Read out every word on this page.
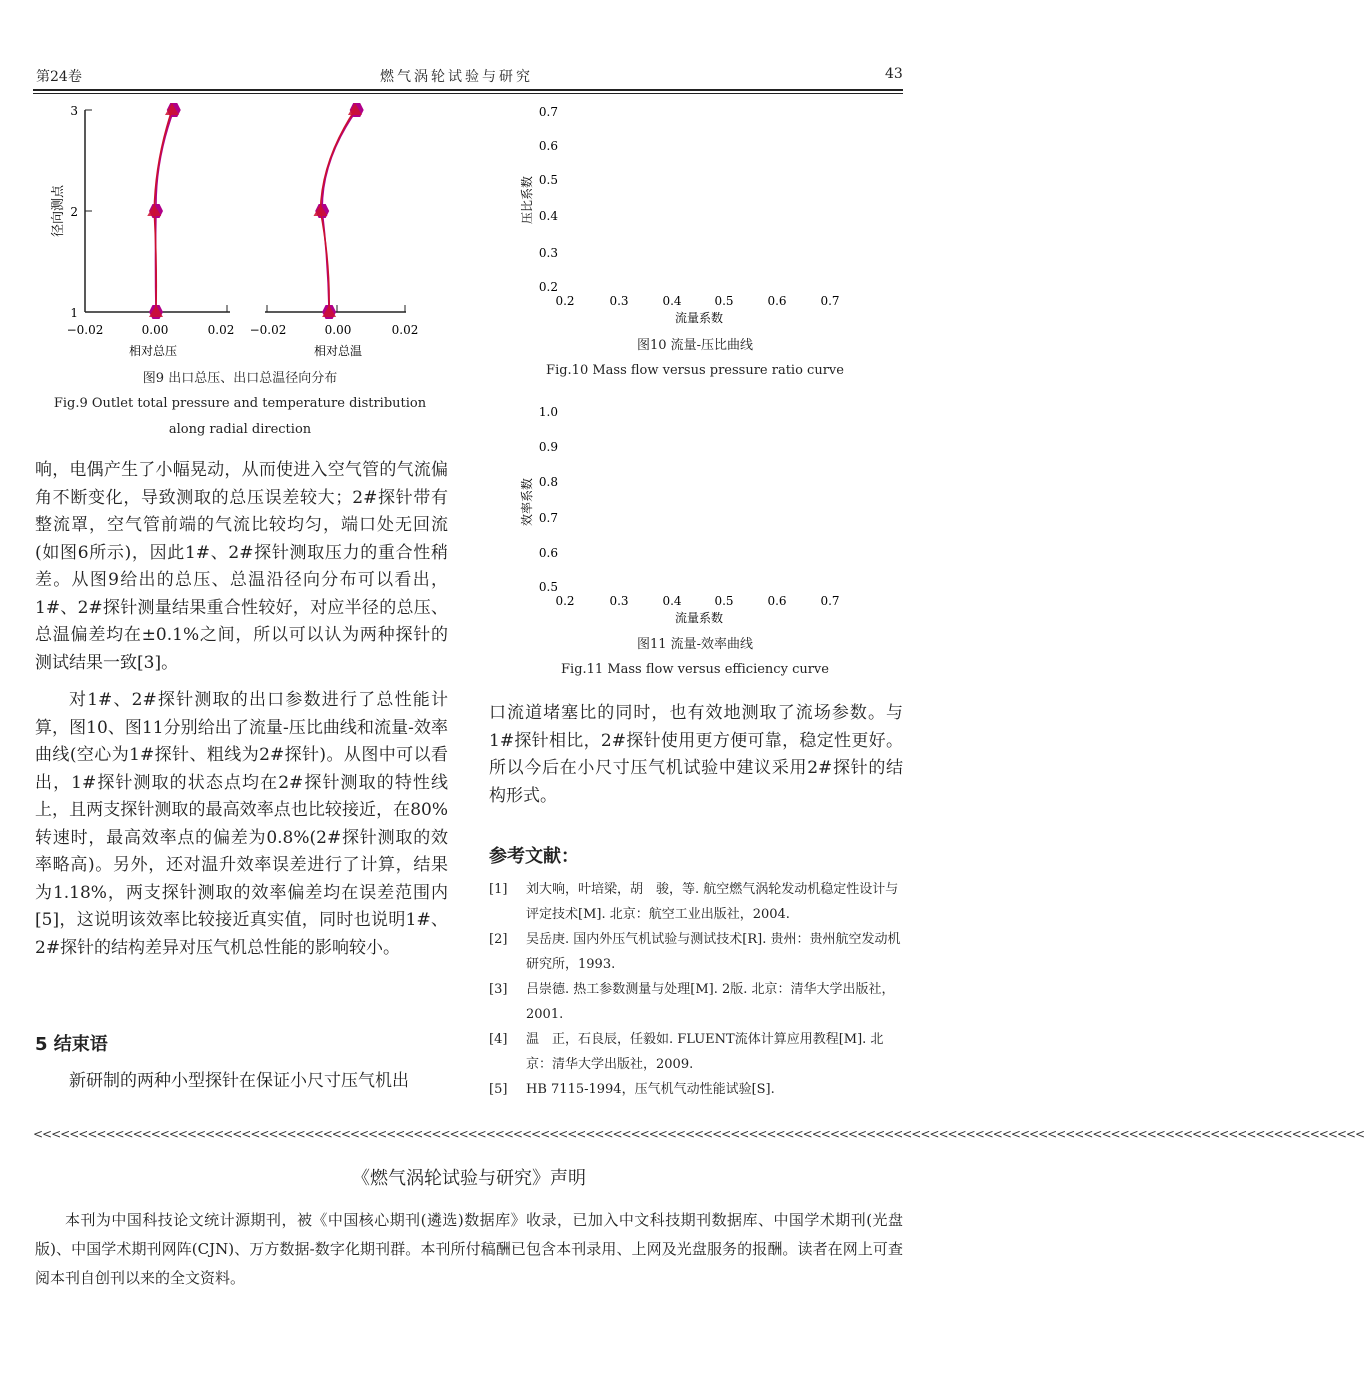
第24卷	燃气涡轮试验与研究	43
3
2
1
−0.02	0.00	0.02 −0.02	0.00	0.02
径向测点
相对总压	相对总温
图9 出口总压、出口总温径向分布
Fig.9 Outlet total pressure and temperature distribution
along radial direction
0.7
0.6
0.5
0.4
0.3
0.2
0.2	0.3	0.4	0.5	0.6	0.7
流量系数
压比系数
图10 流量-压比曲线
Fig.10 Mass flow versus pressure ratio curve
1.0
0.9
0.8
0.7
0.6
0.5
0.2	0.3	0.4	0.5	0.6	0.7
流量系数
效率系数
图11 流量-效率曲线
Fig.11 Mass flow versus efficiency curve

响，电偶产生了小幅晃动，从而使进入空气管的气流偏角不断变化，导致测取的总压误差较大；2#探针带有整流罩，空气管前端的气流比较均匀，端口处无回流(如图6所示)，因此1#、2#探针测取压力的重合性稍差。从图9给出的总压、总温沿径向分布可以看出，1#、2#探针测量结果重合性较好，对应半径的总压、总温偏差均在±0.1%之间，所以可以认为两种探针的测试结果一致[3]。

对1#、2#探针测取的出口参数进行了总性能计算，图10、图11分别给出了流量-压比曲线和流量-效率曲线(空心为1#探针、粗线为2#探针)。从图中可以看出，1#探针测取的状态点均在2#探针测取的特性线上，且两支探针测取的最高效率点也比较接近，在80%转速时，最高效率点的偏差为0.8%(2#探针测取的效率略高)。另外，还对温升效率误差进行了计算，结果为1.18%，两支探针测取的效率偏差均在误差范围内[5]，这说明该效率比较接近真实值，同时也说明1#、2#探针的结构差异对压气机总性能的影响较小。

5 结束语
新研制的两种小型探针在保证小尺寸压气机出
口流道堵塞比的同时，也有效地测取了流场参数。与1#探针相比，2#探针使用更方便可靠，稳定性更好。所以今后在小尺寸压气机试验中建议采用2#探针的结构形式。
参考文献：
[1] 刘大响，叶培梁，胡　骏，等. 航空燃气涡轮发动机稳定性设计与评定技术[M]. 北京：航空工业出版社，2004.
[2] 吴岳庚. 国内外压气机试验与测试技术[R]. 贵州：贵州航空发动机研究所，1993.
[3] 吕崇德. 热工参数测量与处理[M]. 2版. 北京：清华大学出版社，2001.
[4] 温　正，石良辰，任毅如. FLUENT流体计算应用教程[M]. 北京：清华大学出版社，2009.
[5] HB 7115-1994，压气机气动性能试验[S].
<<<<<<<<<<<<<<<<<<<<<<<<<<<<<<<<<<<<<<<<<<<<<<<<<<<<<<<<<<<<<<<<<<<<<<<<<<<<<<<<<<<<<<<<<<<<<<<<<<<<<<<<<<<<<<<<<<<<<<<<<<<<<<<<<<<<<<<<<<<<<<<<<<<
《燃气涡轮试验与研究》声明
本刊为中国科技论文统计源期刊，被《中国核心期刊(遴选)数据库》收录，已加入中文科技期刊数据库、中国学术期刊(光盘版)、中国学术期刊网阵(CJN)、万方数据-数字化期刊群。本刊所付稿酬已包含本刊录用、上网及光盘服务的报酬。读者在网上可查阅本刊自创刊以来的全文资料。
